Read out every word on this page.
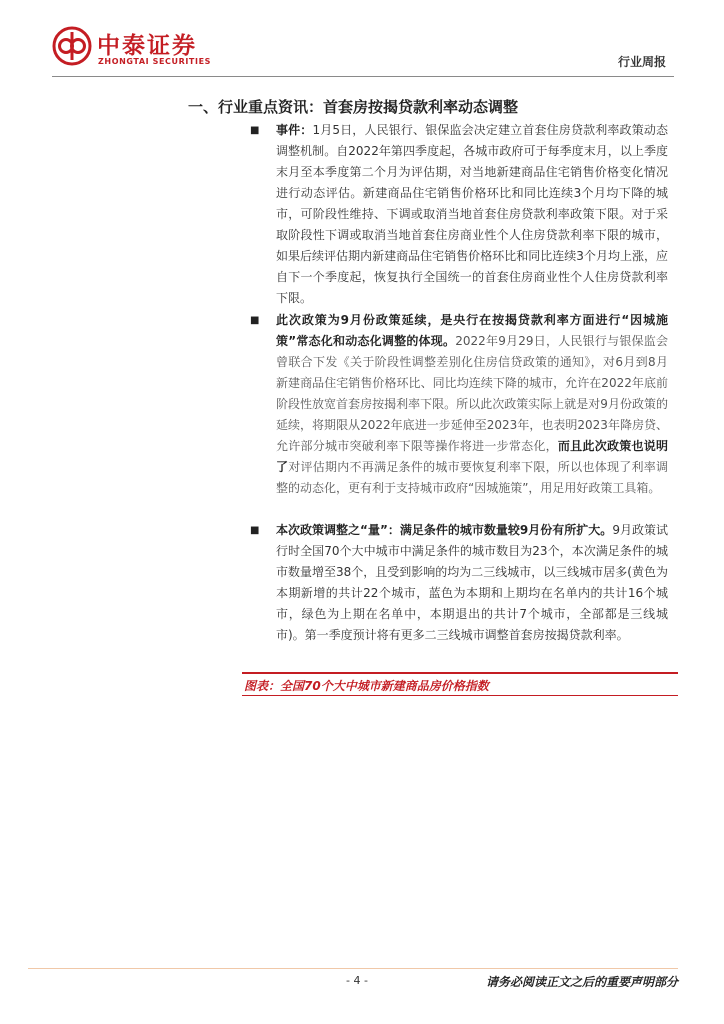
中泰证券
ZHONGTAI SECURITIES	行业周报
一、行业重点资讯：首套房按揭贷款利率动态调整
■ 事件：1月5日，人民银行、银保监会决定建立首套住房贷款利率政策动态调整机制。自2022年第四季度起，各城市政府可于每季度末月，以上季度末月至本季度第二个月为评估期，对当地新建商品住宅销售价格变化情况进行动态评估。新建商品住宅销售价格环比和同比连续3个月均下降的城市，可阶段性维持、下调或取消当地首套住房贷款利率政策下限。对于采取阶段性下调或取消当地首套住房商业性个人住房贷款利率下限的城市，如果后续评估期内新建商品住宅销售价格环比和同比连续3个月均上涨，应自下一个季度起，恢复执行全国统一的首套住房商业性个人住房贷款利率下限。
■ 此次政策为9月份政策延续，是央行在按揭贷款利率方面进行“因城施策”常态化和动态化调整的体现。2022年9月29日，人民银行与银保监会曾联合下发《关于阶段性调整差别化住房信贷政策的通知》，对6月到8月新建商品住宅销售价格环比、同比均连续下降的城市，允许在2022年底前阶段性放宽首套房按揭利率下限。所以此次政策实际上就是对9月份政策的延续，将期限从2022年底进一步延伸至2023年，也表明2023年降房贷、允许部分城市突破利率下限等操作将进一步常态化，而且此次政策也说明了对评估期内不再满足条件的城市要恢复利率下限，所以也体现了利率调整的动态化，更有利于支持城市政府“因城施策”，用足用好政策工具箱。
■ 本次政策调整之“量”：满足条件的城市数量较9月份有所扩大。9月政策试行时全国70个大中城市中满足条件的城市数目为23个，本次满足条件的城市数量增至38个，且受到影响的均为二三线城市，以三线城市居多(黄色为本期新增的共计22个城市，蓝色为本期和上期均在名单内的共计16个城市，绿色为上期在名单中，本期退出的共计7个城市，全部都是三线城市)。第一季度预计将有更多二三线城市调整首套房按揭贷款利率。
图表：全国70个大中城市新建商品房价格指数
- 4 -	请务必阅读正文之后的重要声明部分
